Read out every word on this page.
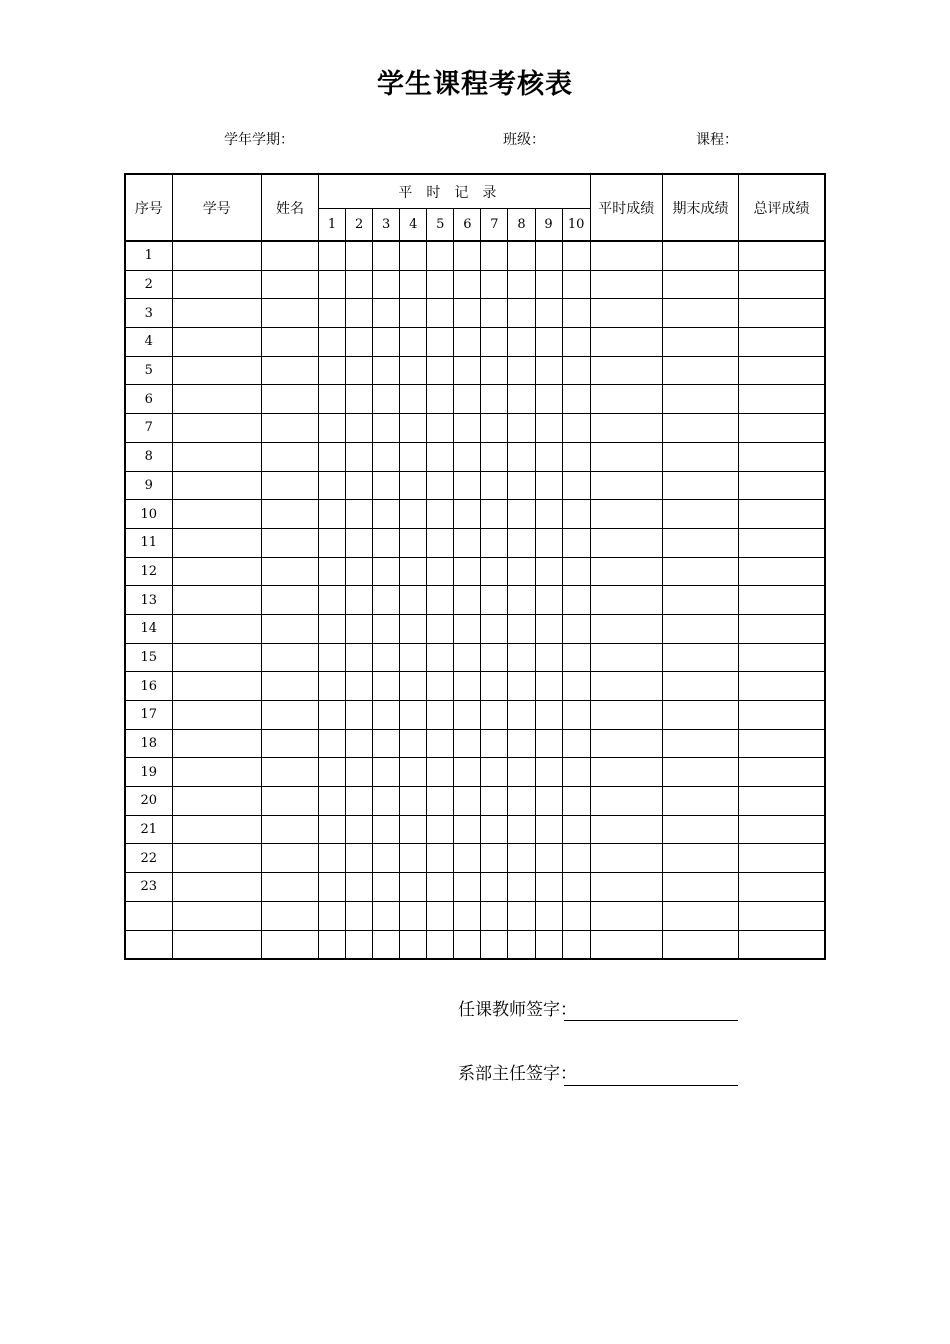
学生课程考核表
学年学期：	班级：	课程：
序号	学号	姓名	平时记录										平时成绩	期末成绩	总评成绩
			1	2	3	4	5	6	7	8	9	10			
1															
2															
3															
4															
5															
6															
7															
8															
9															
10															
11															
12															
13															
14															
15															
16															
17															
18															
19															
20															
21															
22															
23															

任课教师签字：
系部主任签字：
